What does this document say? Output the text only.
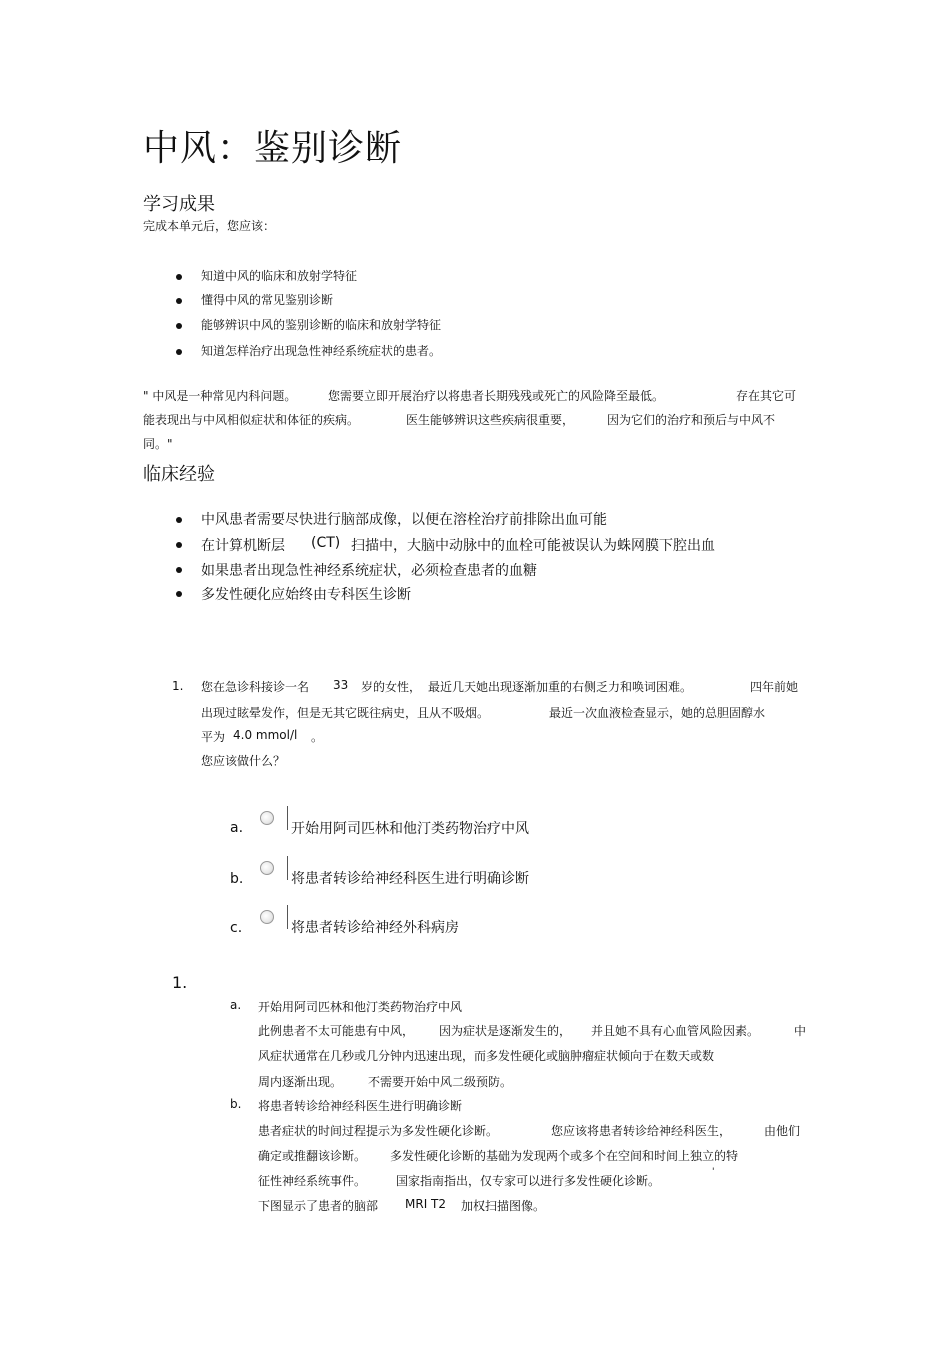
中风：鉴别诊断
学习成果
完成本单元后，您应该：
知道中风的临床和放射学特征
懂得中风的常见鉴别诊断
能够辨识中风的鉴别诊断的临床和放射学特征
知道怎样治疗出现急性神经系统症状的患者。
" 中风是一种常见内科问题。	您需要立即开展治疗以将患者长期残残或死亡的风险降至最低。	存在其它可
能表现出与中风相似症状和体征的疾病。	医生能够辨识这些疾病很重要，	因为它们的治疗和预后与中风不
同。"
临床经验
中风患者需要尽快进行脑部成像，以便在溶栓治疗前排除出血可能
在计算机断层 (CT) 扫描中，大脑中动脉中的血栓可能被误认为蛛网膜下腔出血
如果患者出现急性神经系统症状，必须检查患者的血糖
多发性硬化应始终由专科医生诊断
1. 您在急诊科接诊一名 33 岁的女性， 最近几天她出现逐渐加重的右侧乏力和唤词困难。	四年前她
出现过眩晕发作，但是无其它既往病史，且从不吸烟。	最近一次血液检查显示，她的总胆固醇水
平为 4.0 mmol/l 。
您应该做什么？
a.	开始用阿司匹林和他汀类药物治疗中风
b.	将患者转诊给神经科医生进行明确诊断
c.	将患者转诊给神经外科病房
1.
a. 开始用阿司匹林和他汀类药物治疗中风
此例患者不太可能患有中风， 因为症状是逐渐发生的， 并且她不具有心血管风险因素。	中
风症状通常在几秒或几分钟内迅速出现，而多发性硬化或脑肿瘤症状倾向于在数天或数
周内逐渐出现。 不需要开始中风二级预防。
b. 将患者转诊给神经科医生进行明确诊断
患者症状的时间过程提示为多发性硬化诊断。	您应该将患者转诊给神经科医生，	由他们
确定或推翻该诊断。 多发性硬化诊断的基础为发现两个或多个在空间和时间上独立的特
征性神经系统事件。 国家指南指出，仅专家可以进行多发性硬化诊断。
'
下图显示了患者的脑部 MRI T2 加权扫描图像。
